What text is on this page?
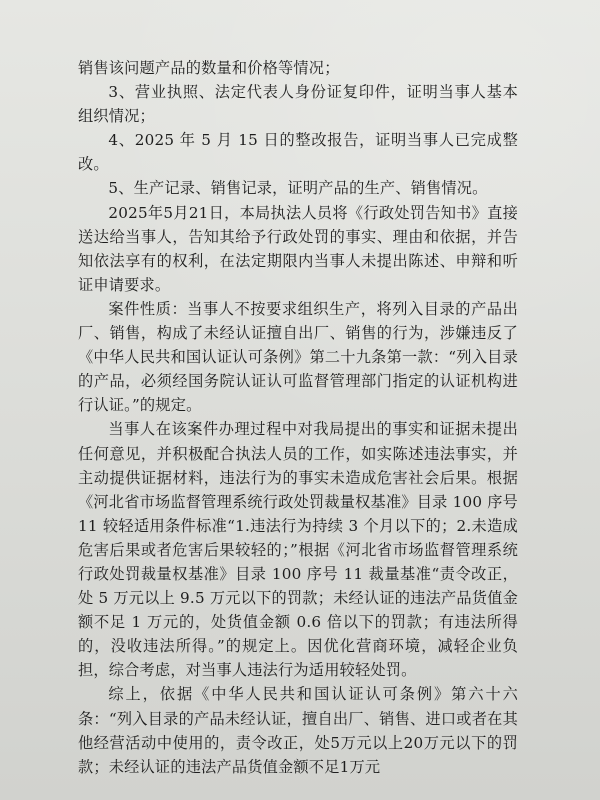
销售该问题产品的数量和价格等情况；

3、营业执照、法定代表人身份证复印件，证明当事人基本组织情况；

4、2025 年 5 月 15 日的整改报告，证明当事人已完成整改。

5、生产记录、销售记录，证明产品的生产、销售情况。

2025年5月21日，本局执法人员将《行政处罚告知书》直接送达给当事人，告知其给予行政处罚的事实、理由和依据，并告知依法享有的权利，在法定期限内当事人未提出陈述、申辩和听证申请要求。

案件性质：当事人不按要求组织生产，将列入目录的产品出厂、销售，构成了未经认证擅自出厂、销售的行为，涉嫌违反了《中华人民共和国认证认可条例》第二十九条第一款：“列入目录的产品，必须经国务院认证认可监督管理部门指定的认证机构进行认证。”的规定。

当事人在该案件办理过程中对我局提出的事实和证据未提出任何意见，并积极配合执法人员的工作，如实陈述违法事实，并主动提供证据材料，违法行为的事实未造成危害社会后果。根据《河北省市场监督管理系统行政处罚裁量权基准》目录 100 序号 11 较轻适用条件标准“1.违法行为持续 3 个月以下的；2.未造成危害后果或者危害后果较轻的；”根据《河北省市场监督管理系统行政处罚裁量权基准》目录 100 序号 11 裁量基准“责令改正，处 5 万元以上 9.5 万元以下的罚款；未经认证的违法产品货值金额不足 1 万元的，处货值金额 0.6 倍以下的罚款；有违法所得的，没收违法所得。”的规定上。因优化营商环境，减轻企业负担，综合考虑，对当事人违法行为适用较轻处罚。

综上，依据《中华人民共和国认证认可条例》第六十六条：“列入目录的产品未经认证，擅自出厂、销售、进口或者在其他经营活动中使用的，责令改正，处5万元以上20万元以下的罚款；未经认证的违法产品货值金额不足1万元
